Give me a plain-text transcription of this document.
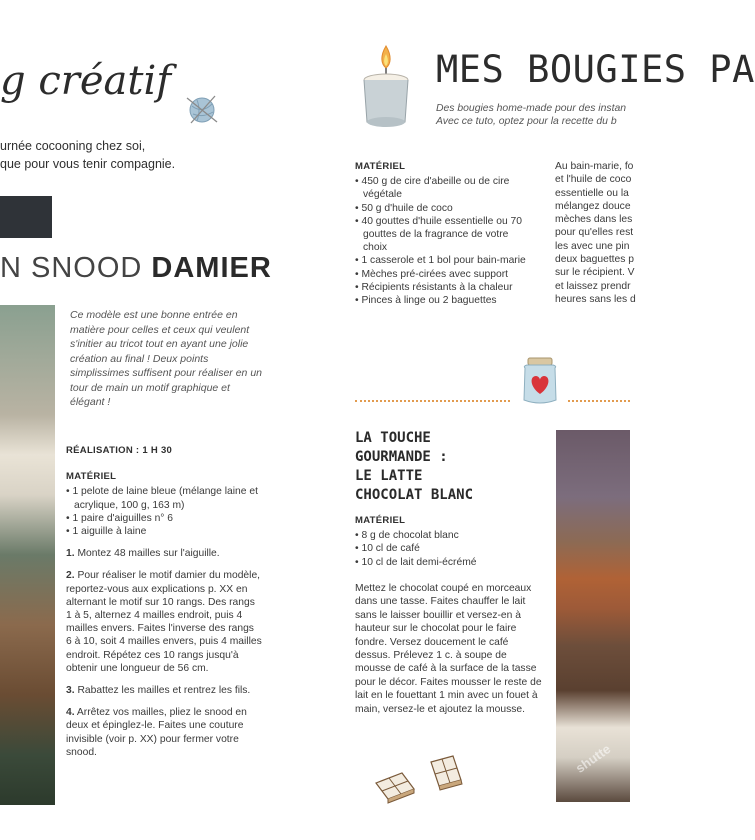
g créatif
urnée cocooning chez soi,
que pour vous tenir compagnie.
N SNOOD DAMIER
Ce modèle est une bonne entrée en matière pour celles et ceux qui veulent s'initier au tricot tout en ayant une jolie création au final ! Deux points simplissimes suffisent pour réaliser en un tour de main un motif graphique et élégant !
RÉALISATION : 1 H 30
MATÉRIEL
• 1 pelote de laine bleue (mélange laine et acrylique, 100 g, 163 m)
• 1 paire d'aiguilles n° 6
• 1 aiguille à laine
1. Montez 48 mailles sur l'aiguille.
2. Pour réaliser le motif damier du modèle, reportez-vous aux explications p. XX en alternant le motif sur 10 rangs. Des rangs 1 à 5, alternez 4 mailles endroit, puis 4 mailles envers. Faites l'inverse des rangs 6 à 10, soit 4 mailles envers, puis 4 mailles endroit. Répétez ces 10 rangs jusqu'à obtenir une longueur de 56 cm.
3. Rabattez les mailles et rentrez les fils.
4. Arrêtez vos mailles, pliez le snood en deux et épinglez-le. Faites une couture invisible (voir p. XX) pour fermer votre snood.
MES BOUGIES PA
Des bougies home-made pour des instan
Avec ce tuto, optez pour la recette du b
MATÉRIEL
• 450 g de cire d'abeille ou de cire végétale
• 50 g d'huile de coco
• 40 gouttes d'huile essentielle ou 70 gouttes de la fragrance de votre choix
• 1 casserole et 1 bol pour bain-marie
• Mèches pré-cirées avec support
• Récipients résistants à la chaleur
• Pinces à linge ou 2 baguettes
Au bain-marie, fo
et l'huile de coco
essentielle ou la
mélangez douce
mèches dans les
pour qu'elles rest
les avec une pin
deux baguettes p
sur le récipient. V
et laissez prendr
heures sans les d
LA TOUCHE
GOURMANDE :
LE LATTE
CHOCOLAT BLANC
MATÉRIEL
• 8 g de chocolat blanc
• 10 cl de café
• 10 cl de lait demi-écrémé
Mettez le chocolat coupé en morceaux dans une tasse. Faites chauffer le lait sans le laisser bouillir et versez-en à hauteur sur le chocolat pour le faire fondre. Versez doucement le café dessus. Prélevez 1 c. à soupe de mousse de café à la surface de la tasse pour le décor. Faites mousser le reste de lait en le fouettant 1 min avec un fouet à main, versez-le et ajoutez la mousse.
shutte
